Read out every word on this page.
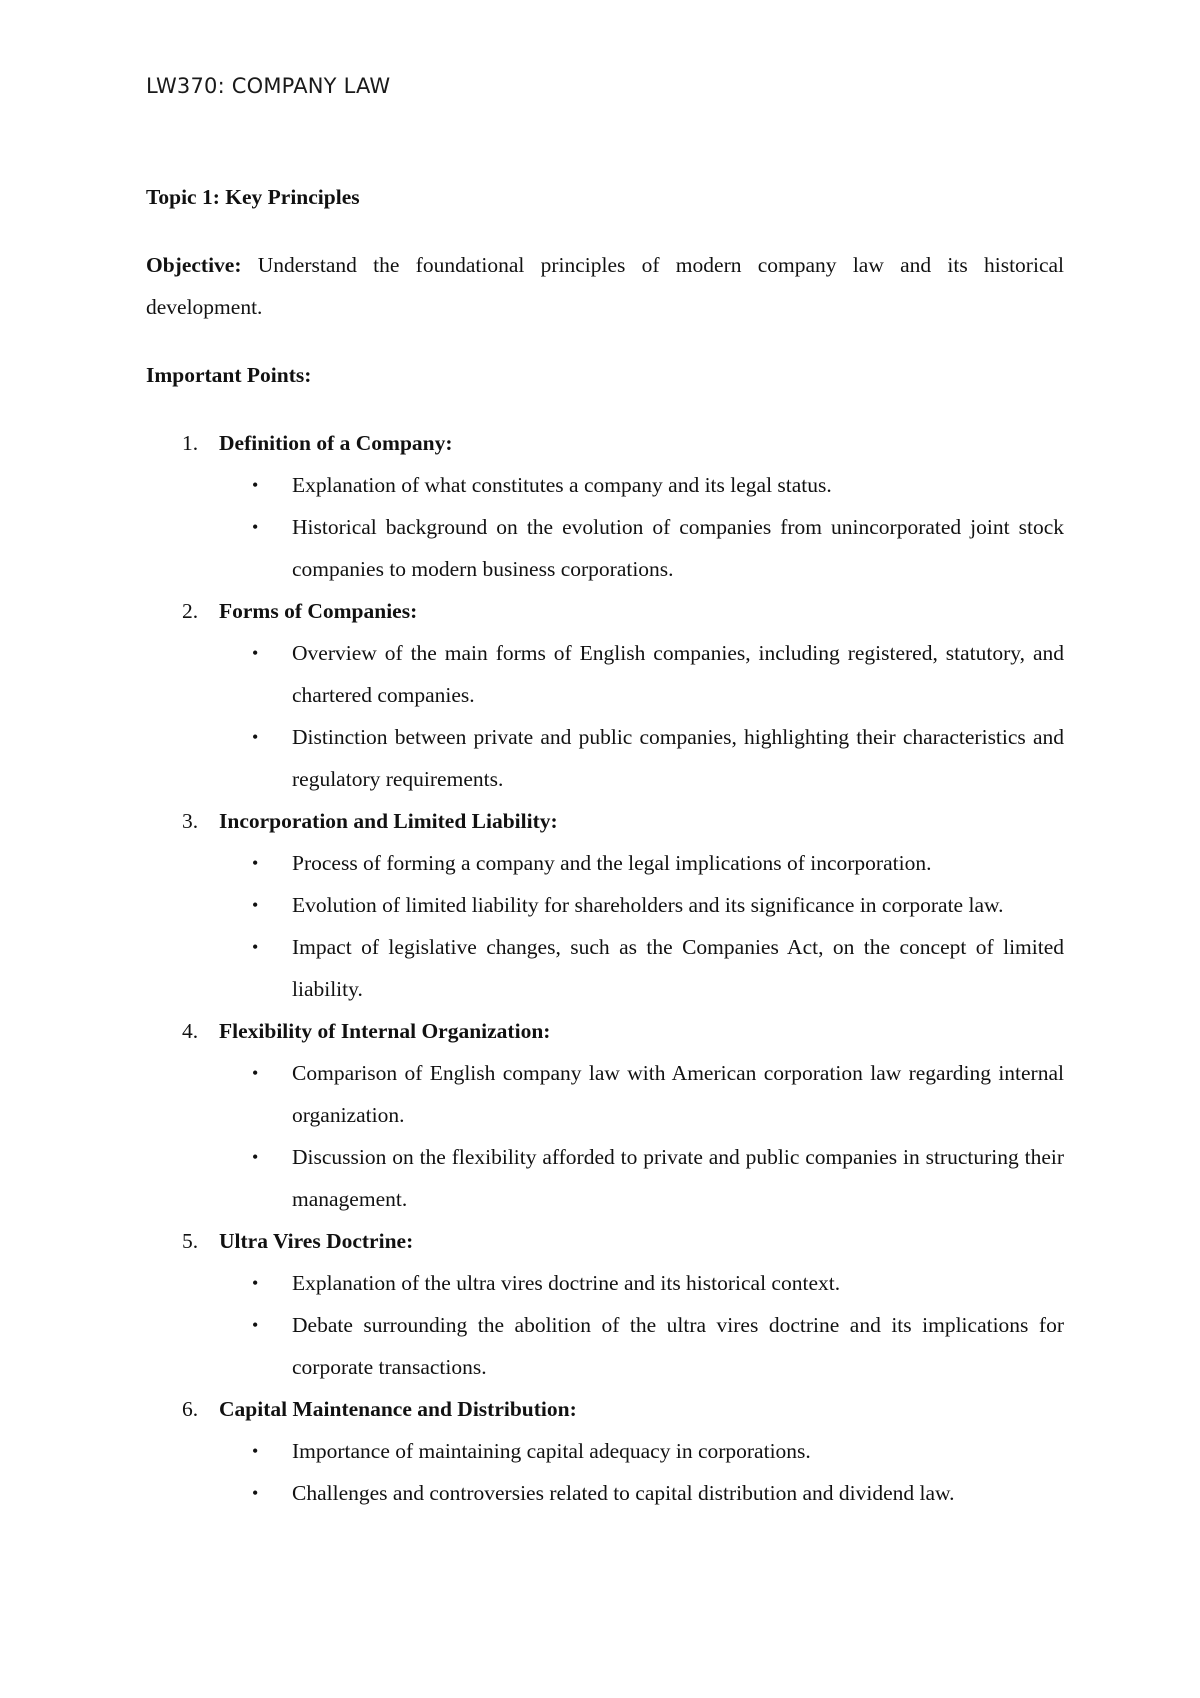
LW370: COMPANY LAW
Topic 1: Key Principles
Objective: Understand the foundational principles of modern company law and its historical development.
Important Points:
1. Definition of a Company:
• Explanation of what constitutes a company and its legal status.
• Historical background on the evolution of companies from unincorporated joint stock companies to modern business corporations.
2. Forms of Companies:
• Overview of the main forms of English companies, including registered, statutory, and chartered companies.
• Distinction between private and public companies, highlighting their characteristics and regulatory requirements.
3. Incorporation and Limited Liability:
• Process of forming a company and the legal implications of incorporation.
• Evolution of limited liability for shareholders and its significance in corporate law.
• Impact of legislative changes, such as the Companies Act, on the concept of limited liability.
4. Flexibility of Internal Organization:
• Comparison of English company law with American corporation law regarding internal organization.
• Discussion on the flexibility afforded to private and public companies in structuring their management.
5. Ultra Vires Doctrine:
• Explanation of the ultra vires doctrine and its historical context.
• Debate surrounding the abolition of the ultra vires doctrine and its implications for corporate transactions.
6. Capital Maintenance and Distribution:
• Importance of maintaining capital adequacy in corporations.
• Challenges and controversies related to capital distribution and dividend law.
